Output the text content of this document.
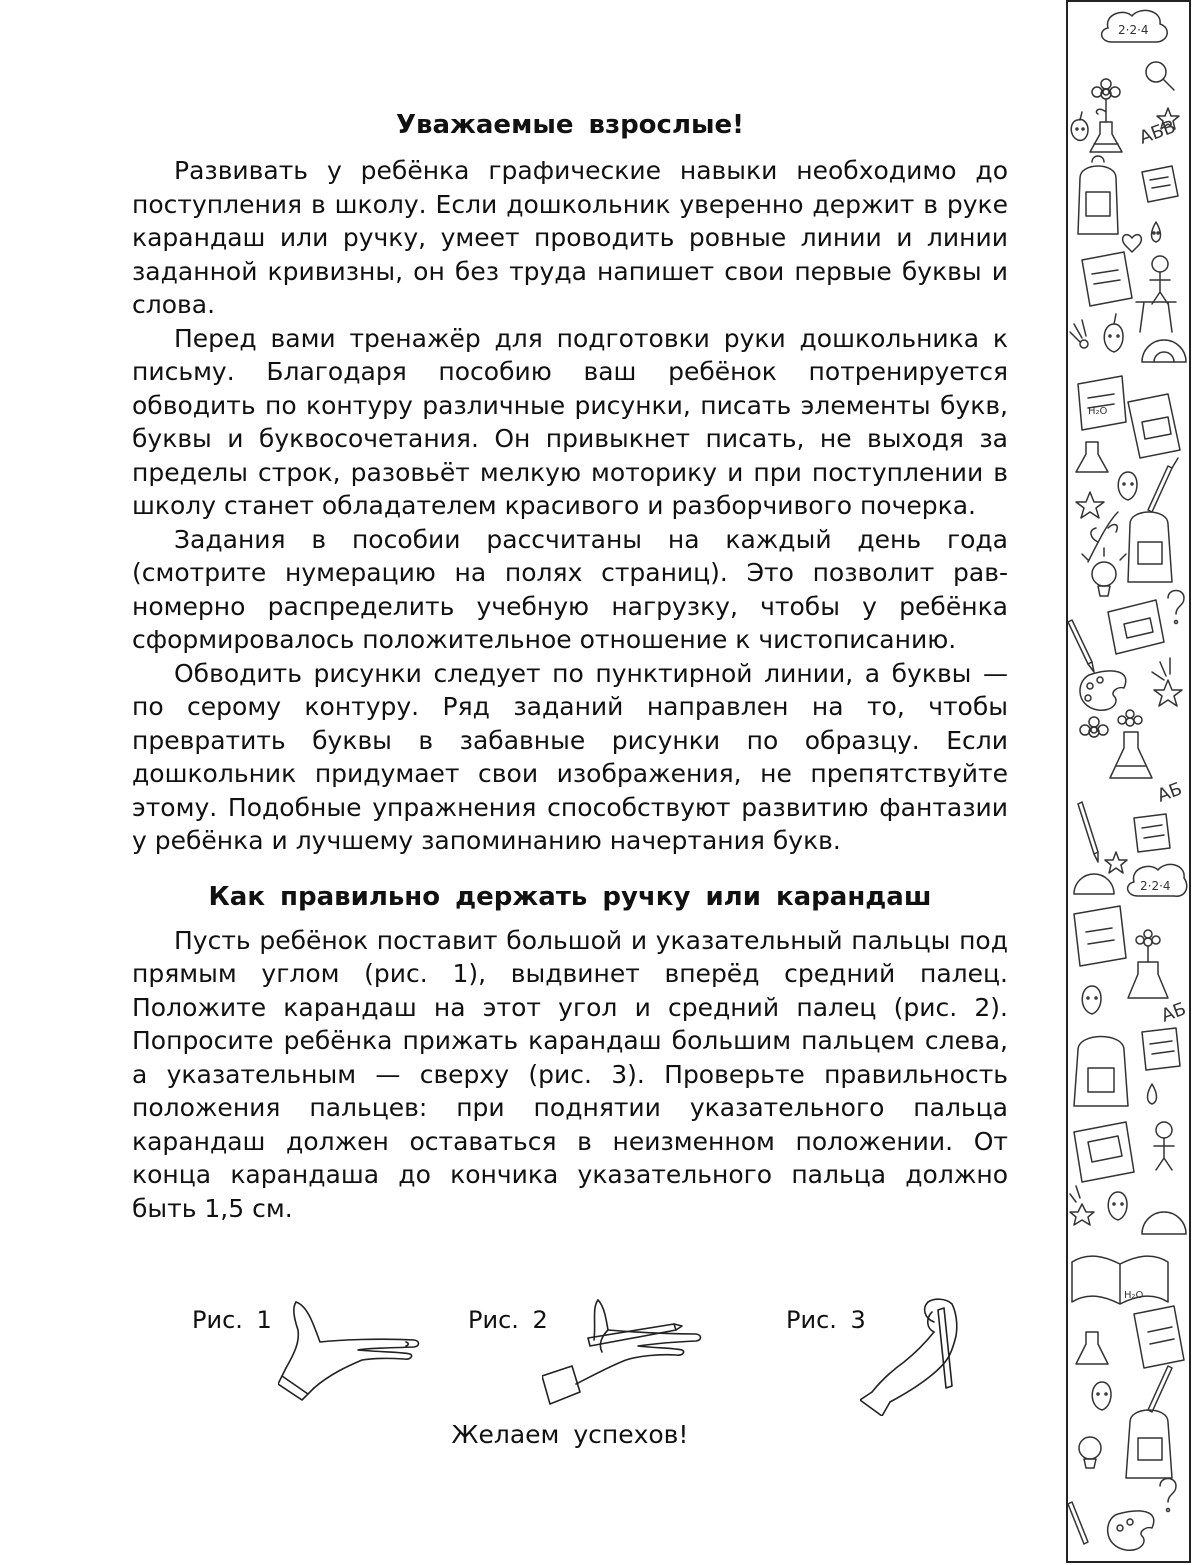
Уважаемые взрослые!

Развивать у ребёнка графические навыки необходимо до поступления в школу. Если дошкольник уверенно держит в руке карандаш или ручку, умеет проводить ровные линии и линии заданной кривизны, он без труда напишет свои первые буквы и слова.

Перед вами тренажёр для подготовки руки дошкольника к письму. Благодаря пособию ваш ребёнок потренируется обводить по контуру различные рисунки, писать элементы букв, буквы и буквосочетания. Он привыкнет писать, не выходя за пределы строк, разовьёт мелкую моторику и при поступлении в школу станет обладателем красивого и разборчивого почерка.

Задания в пособии рассчитаны на каждый день года (смотрите нумерацию на полях страниц). Это позволит равномерно распределить учебную нагрузку, чтобы у ребёнка сформировалось положительное отношение к чистописанию.

Обводить рисунки следует по пунктирной линии, а буквы — по серому контуру. Ряд заданий направлен на то, чтобы превратить буквы в забавные рисунки по образцу. Если дошкольник придумает свои изображения, не препятствуйте этому. Подобные упражнения способствуют развитию фантазии у ребёнка и лучшему запоминанию начертания букв.

Как правильно держать ручку или карандаш

Пусть ребёнок поставит большой и указательный пальцы под прямым углом (рис. 1), выдвинет вперёд средний палец. Положите карандаш на этот угол и средний палец (рис. 2). Попросите ребёнка прижать карандаш большим пальцем слева, а указательным — сверху (рис. 3). Проверьте правильность положения пальцев: при поднятии указательного пальца карандаш должен оставаться в неизменном положении. От конца карандаша до кончика указательного пальца должно быть 1,5 см.

Рис. 1	Рис. 2	Рис. 3
Желаем успехов!
2·2·4
АБВ
Н₂О
АБ
2·2·4
АБ
Н₂О
